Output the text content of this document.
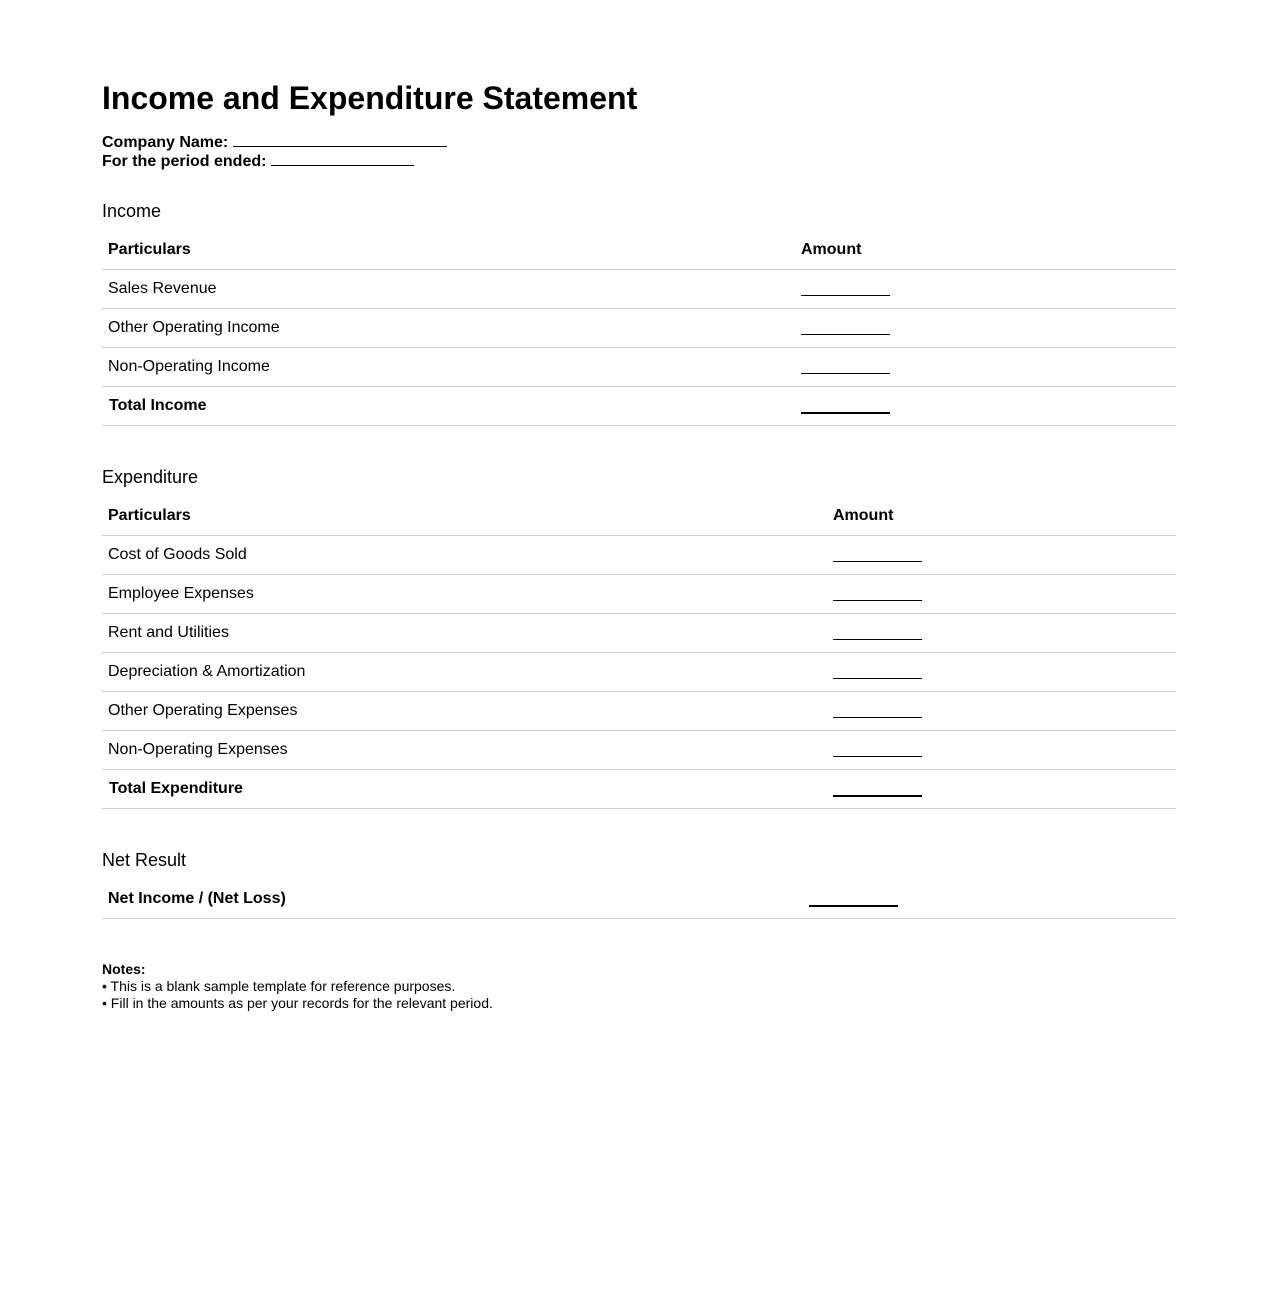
Income and Expenditure Statement
Company Name:
For the period ended:
Income
Particulars	Amount
Sales Revenue	
Other Operating Income	
Non-Operating Income	
Total Income	
Expenditure
Particulars	Amount
Cost of Goods Sold	
Employee Expenses	
Rent and Utilities	
Depreciation & Amortization	
Other Operating Expenses	
Non-Operating Expenses	
Total Expenditure	
Net Result
Net Income / (Net Loss)	
Notes:
• This is a blank sample template for reference purposes.
• Fill in the amounts as per your records for the relevant period.
